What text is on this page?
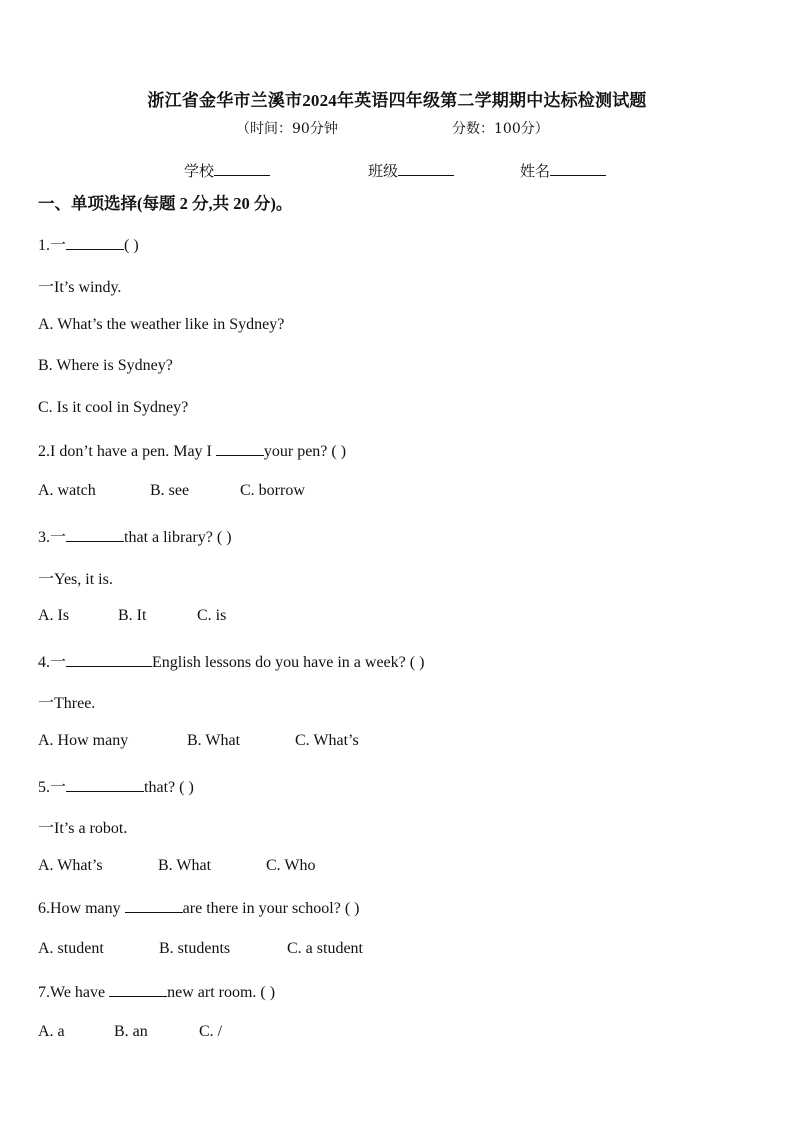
浙江省金华市兰溪市2024年英语四年级第二学期期中达标检测试题
（时间：90分钟	分数：100分）
学校	班级	姓名
一、单项选择(每题 2 分,共 20 分)。
1.一	( )
一It’s windy.
A. What’s the weather like in Sydney?
B. Where is Sydney?
C. Is it cool in Sydney?
2.I don’t have a pen. May I	your pen? ( )
A. watch	B. see	C. borrow
3.一	that a library? ( )
一Yes, it is.
A. Is	B. It	C. is
4.一	English lessons do you have in a week? ( )
一Three.
A. How many	B. What	C. What’s
5.一	that? ( )
一It’s a robot.
A. What’s	B. What	C. Who
6.How many	are there in your school? ( )
A. student	B. students	C. a student
7.We have	new art room. ( )
A. a	B. an	C. /
